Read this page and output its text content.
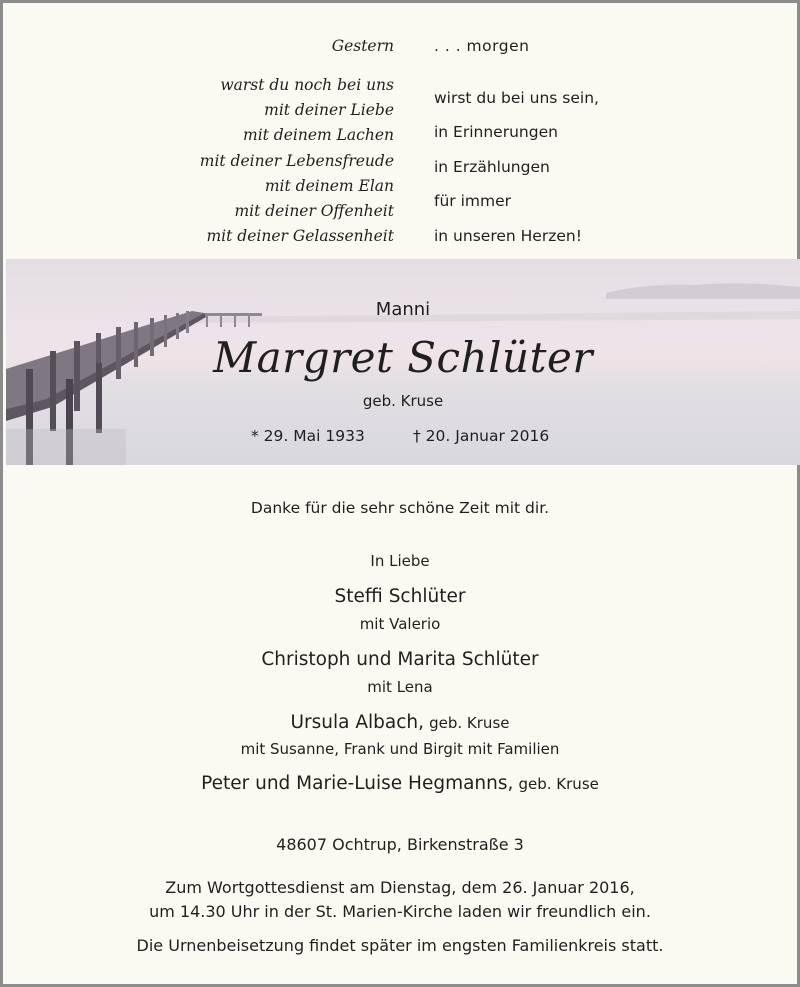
Gestern	. . . morgen
warst du noch bei uns
mit deiner Liebe
mit deinem Lachen
mit deiner Lebensfreude
mit deinem Elan
mit deiner Offenheit
mit deiner Gelassenheit
wirst du bei uns sein,
in Erinnerungen
in Erzählungen
für immer
in unseren Herzen!
Manni
Margret Schlüter
geb. Kruse
* 29. Mai 1933	† 20. Januar 2016
Danke für die sehr schöne Zeit mit dir.
In Liebe
Steffi Schlüter
mit Valerio
Christoph und Marita Schlüter
mit Lena
Ursula Albach, geb. Kruse
mit Susanne, Frank und Birgit mit Familien
Peter und Marie-Luise Hegmanns, geb. Kruse
48607 Ochtrup, Birkenstraße 3
Zum Wortgottesdienst am Dienstag, dem 26. Januar 2016,
um 14.30 Uhr in der St. Marien-Kirche laden wir freundlich ein.
Die Urnenbeisetzung findet später im engsten Familienkreis statt.
